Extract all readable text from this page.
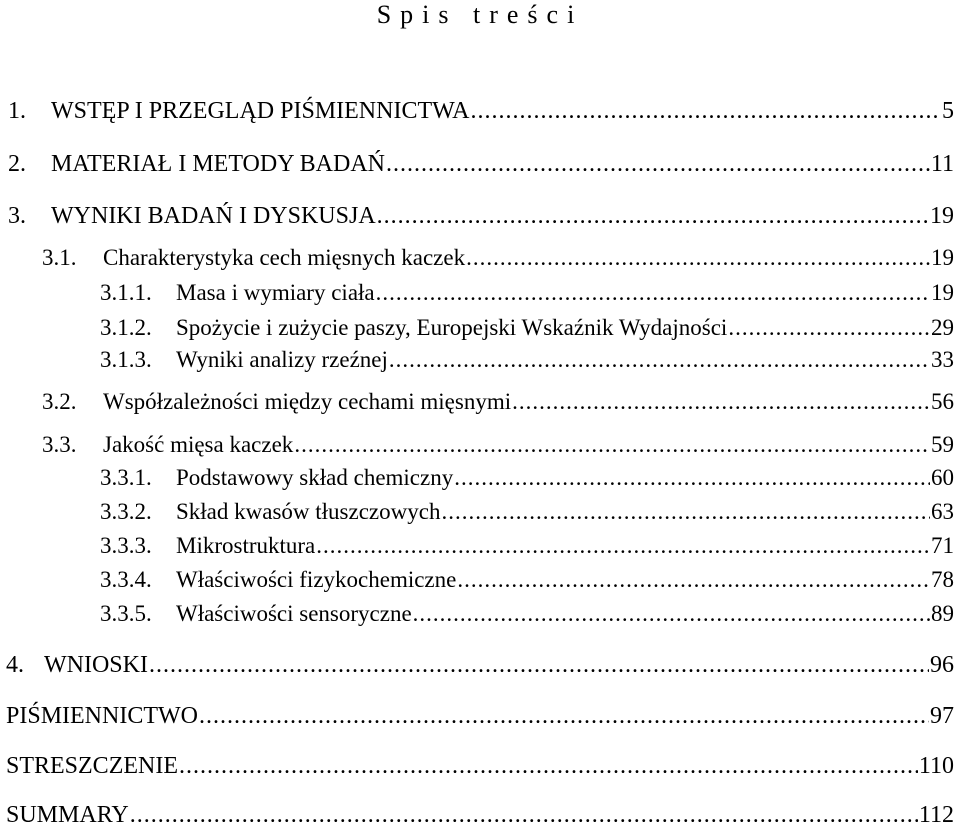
Spis treści
1.	WSTĘP I PRZEGLĄD PIŚMIENNICTWA .....	5
2.	MATERIAŁ I METODY BADAŃ .....	11
3.	WYNIKI BADAŃ I DYSKUSJA .....	19
3.1.	Charakterystyka cech mięsnych kaczek .....	19
3.1.1.	Masa i wymiary ciała .....	19
3.1.2.	Spożycie i zużycie paszy, Europejski Wskaźnik Wydajności .....	29
3.1.3.	Wyniki analizy rzeźnej .....	33
3.2.	Współzależności między cechami mięsnymi .....	56
3.3.	Jakość mięsa kaczek .....	59
3.3.1.	Podstawowy skład chemiczny .....	60
3.3.2.	Skład kwasów tłuszczowych .....	63
3.3.3.	Mikrostruktura .....	71
3.3.4.	Właściwości fizykochemiczne .....	78
3.3.5.	Właściwości sensoryczne .....	89
4. WNIOSKI .....	96
PIŚMIENNICTWO .....	97
STRESZCZENIE .....	110
SUMMARY .....	112
